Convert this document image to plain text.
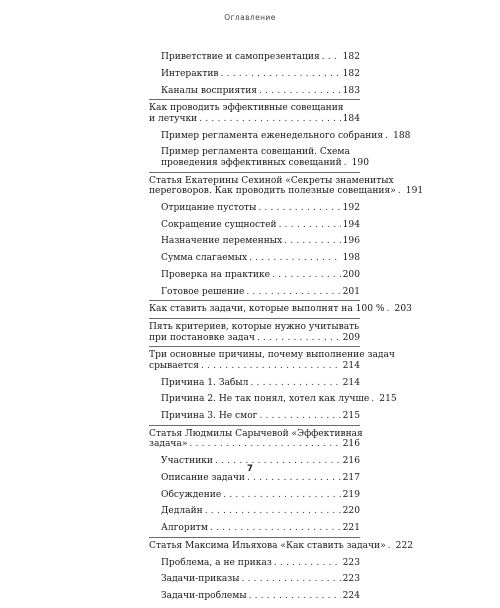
Оглавление
Приветствие и самопрезентация . . .	182
Интерактив . . .	182
Каналы восприятия . . .	183
Как проводить эффективные совещания
и летучки . . .	184
Пример регламента еженедельного собрания . . . 188
Пример регламента совещаний. Схема
проведения эффективных совещаний . . . 190
Статья Екатерины Сехиной «Секреты знаменитых
переговоров. Как проводить полезные совещания» . . . 191
Отрицание пустоты . . .	192
Сокращение сущностей . . .	194
Назначение переменных . . .	196
Сумма слагаемых . . .	198
Проверка на практике . . .	200
Готовое решение . . .	201
Как ставить задачи, которые выполнят на 100 % . . . 203
Пять критериев, которые нужно учитывать
при постановке задач . . .	209
Три основные причины, почему выполнение задач
срывается . . .	214
Причина 1. Забыл . . .	214
Причина 2. Не так понял, хотел как лучше . . . 215
Причина 3. Не смог . . .	215
Статья Людмилы Сарычевой «Эффективная
задача» . . .	216
Участники . . .	216
Описание задачи . . .	217
Обсуждение . . .	219
Дедлайн . . .	220
Алгоритм . . .	221
Статья Максима Ильяхова «Как ставить задачи» . . . 222
Проблема, а не приказ . . .	223
Задачи-приказы . . .	223
Задачи-проблемы . . .	224
7
